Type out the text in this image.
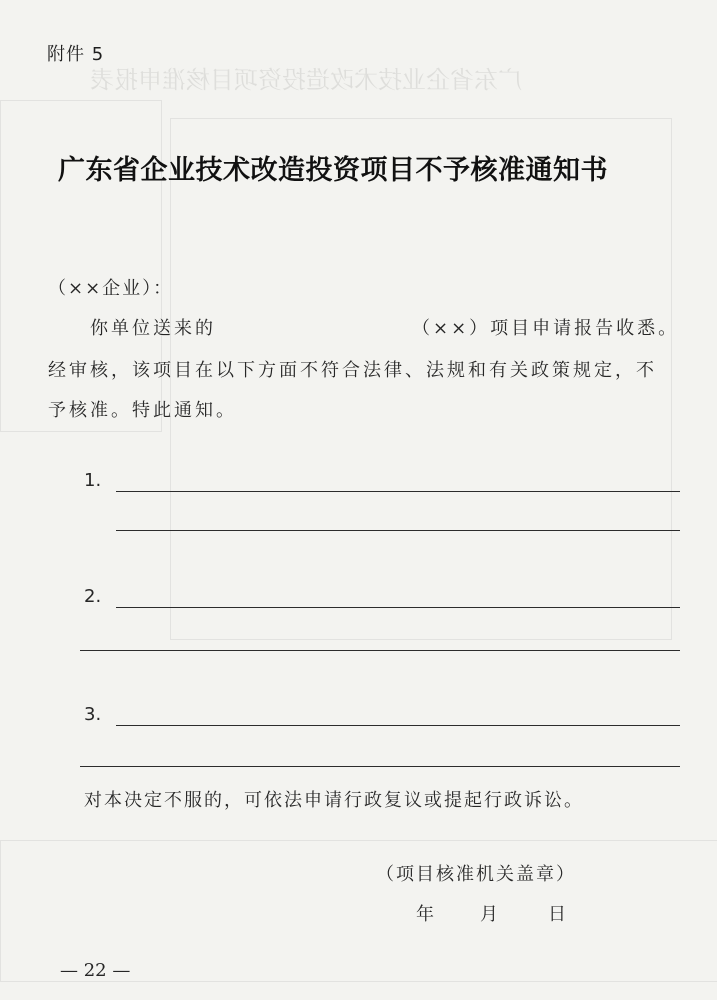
广东省企业技术改造投资项目核准申报表
附件 5
广东省企业技术改造投资项目不予核准通知书
（××企业）：
你单位送来的	（××）项目申请报告收悉。
经审核，该项目在以下方面不符合法律、法规和有关政策规定，不
予核准。特此通知。
1.
2.
3.
对本决定不服的，可依法申请行政复议或提起行政诉讼。
（项目核准机关盖章）
年	月	日
— 22 —
